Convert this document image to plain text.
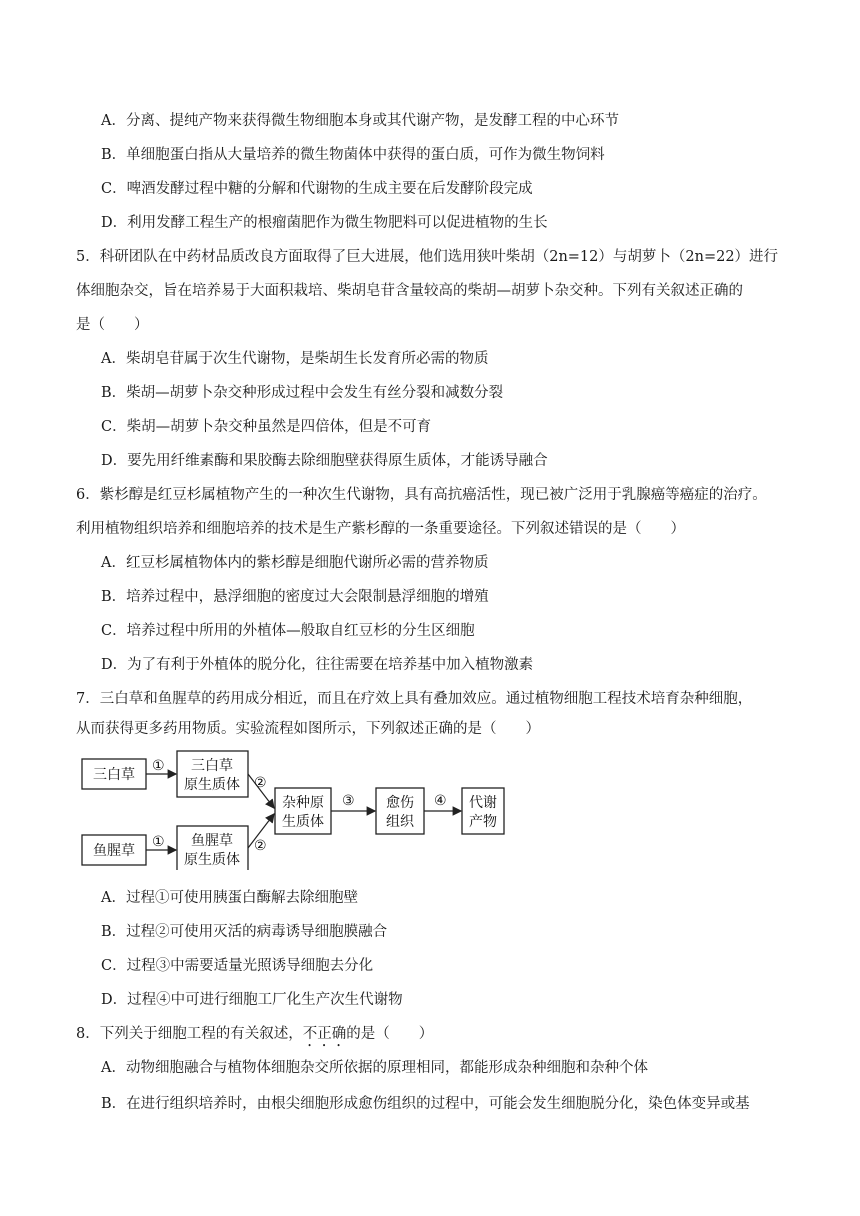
A．分离、提纯产物来获得微生物细胞本身或其代谢产物，是发酵工程的中心环节
B．单细胞蛋白指从大量培养的微生物菌体中获得的蛋白质，可作为微生物饲料
C．啤酒发酵过程中糖的分解和代谢物的生成主要在后发酵阶段完成
D．利用发酵工程生产的根瘤菌肥作为微生物肥料可以促进植物的生长
5．科研团队在中药材品质改良方面取得了巨大进展，他们选用狭叶柴胡（2n=12）与胡萝卜（2n=22）进行
体细胞杂交，旨在培养易于大面积栽培、柴胡皂苷含量较高的柴胡—胡萝卜杂交种。下列有关叙述正确的
是（　　）
A．柴胡皂苷属于次生代谢物，是柴胡生长发育所必需的物质
B．柴胡—胡萝卜杂交种形成过程中会发生有丝分裂和减数分裂
C．柴胡—胡萝卜杂交种虽然是四倍体，但是不可育
D．要先用纤维素酶和果胶酶去除细胞壁获得原生质体，才能诱导融合
6．紫杉醇是红豆杉属植物产生的一种次生代谢物，具有高抗癌活性，现已被广泛用于乳腺癌等癌症的治疗。
利用植物组织培养和细胞培养的技术是生产紫杉醇的一条重要途径。下列叙述错误的是（　　）
A．红豆杉属植物体内的紫杉醇是细胞代谢所必需的营养物质
B．培养过程中，悬浮细胞的密度过大会限制悬浮细胞的增殖
C．培养过程中所用的外植体—般取自红豆杉的分生区细胞
D．为了有利于外植体的脱分化，往往需要在培养基中加入植物激素
7．三白草和鱼腥草的药用成分相近，而且在疗效上具有叠加效应。通过植物细胞工程技术培育杂种细胞，
从而获得更多药用物质。实验流程如图所示，下列叙述正确的是（　　）
三白草
鱼腥草
三白草
原生质体
鱼腥草
原生质体
杂种原
生质体
愈伤
组织
代谢
产物
①
①
②
②
③	④
A．过程①可使用胰蛋白酶解去除细胞壁
B．过程②可使用灭活的病毒诱导细胞膜融合
C．过程③中需要适量光照诱导细胞去分化
D．过程④中可进行细胞工厂化生产次生代谢物
8．下列关于细胞工程的有关叙述，不正确的是（　　）
A．动物细胞融合与植物体细胞杂交所依据的原理相同，都能形成杂种细胞和杂种个体
B．在进行组织培养时，由根尖细胞形成愈伤组织的过程中，可能会发生细胞脱分化，染色体变异或基
